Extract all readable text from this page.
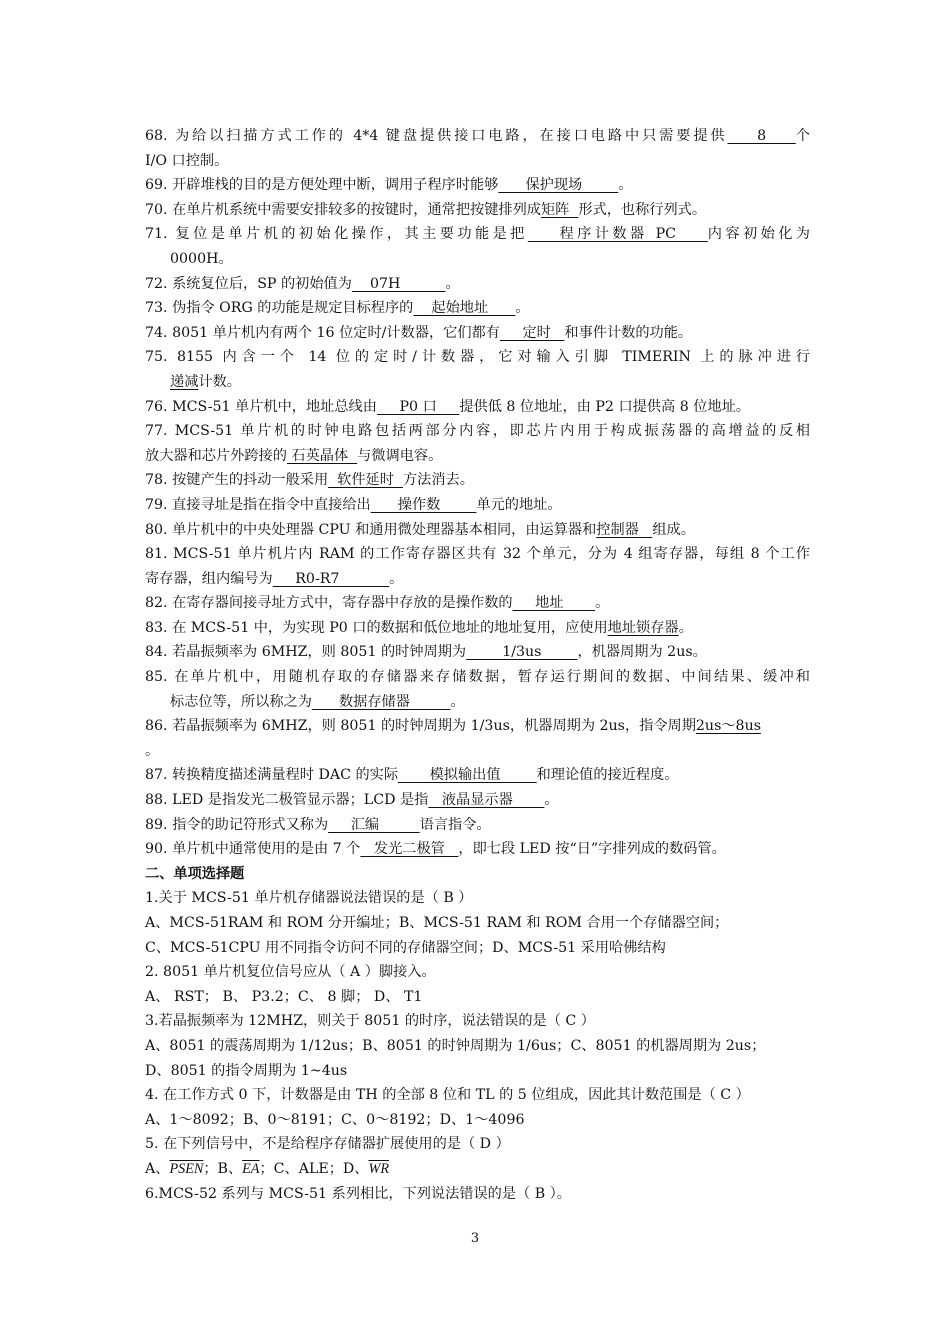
68. 为给以扫描方式工作的 4*4 键盘提供接口电路，在接口电路中只需要提供    8    个
I/O 口控制。
69. 开辟堆栈的目的是方便处理中断，调用子程序时能够      保护现场        。
70. 在单片机系统中需要安排较多的按键时，通常把按键排列成矩阵  形式，也称行列式。
71. 复位是单片机的初始化操作，其主要功能是把    程序计数器 PC    内容初始化为
0000H。
72. 系统复位后，SP 的初始值为    07H          。
73. 伪指令 ORG 的功能是规定目标程序的    起始地址      。
74. 8051 单片机内有两个 16 位定时/计数器，它们都有     定时   和事件计数的功能。
75. 8155 内含一个 14 位的定时/计数器，它对输入引脚 TIMERIN 上的脉冲进行
递减计数。
76. MCS-51 单片机中，地址总线由     P0 口     提供低 8 位地址，由 P2 口提供高 8 位地址。
77. MCS-51 单片机的时钟电路包括两部分内容，即芯片内用于构成振荡器的高增益的反相
放大器和芯片外跨接的 石英晶体  与微调电容。
78. 按键产生的抖动一般采用  软件延时  方法消去。
79. 直接寻址是指在指令中直接给出      操作数        单元的地址。
80. 单片机中的中央处理器 CPU 和通用微处理器基本相同，由运算器和控制器   组成。
81. MCS-51 单片机片内 RAM 的工作寄存器区共有 32 个单元，分为 4 组寄存器，每组 8 个工作
寄存器，组内编号为     R0-R7           。
82. 在寄存器间接寻址方式中，寄存器中存放的是操作数的     地址       。
83. 在 MCS-51 中，为实现 P0 口的数据和低位地址的地址复用，应使用地址锁存器。
84. 若晶振频率为 6MHZ，则 8051 的时钟周期为        1/3us        ，机器周期为 2us。
85. 在单片机中，用随机存取的存储器来存储数据，暂存运行期间的数据、中间结果、缓冲和
标志位等，所以称之为      数据存储器         。
86. 若晶振频率为 6MHZ，则 8051 的时钟周期为 1/3us，机器周期为 2us，指令周期2us～8us
。
87. 转换精度描述满量程时 DAC 的实际       模拟输出值        和理论值的接近程度。
88. LED 是指发光二极管显示器；LCD 是指   液晶显示器       。
89. 指令的助记符形式又称为     汇编         语言指令。
90. 单片机中通常使用的是由 7 个   发光二极管   ，即七段 LED 按“日”字排列成的数码管。
二、单项选择题
1.关于 MCS-51 单片机存储器说法错误的是（ B ）
A、MCS-51RAM 和 ROM 分开编址；B、MCS-51 RAM 和 ROM 合用一个存储器空间；
C、MCS-51CPU 用不同指令访问不同的存储器空间；D、MCS-51 采用哈佛结构
2. 8051 单片机复位信号应从（ A ）脚接入。
A、 RST； B、 P3.2；C、 8 脚； D、 T1
3.若晶振频率为 12MHZ，则关于 8051 的时序，说法错误的是（ C ）
A、8051 的震荡周期为 1/12us；B、8051 的时钟周期为 1/6us；C、8051 的机器周期为 2us；
D、8051 的指令周期为 1~4us
4. 在工作方式 0 下，计数器是由 TH 的全部 8 位和 TL 的 5 位组成，因此其计数范围是（ C ）
A、1～8092；B、0～8191；C、0～8192；D、1～4096
5. 在下列信号中，不是给程序存储器扩展使用的是（ D ）
A、PSEN；B、$\overline{EA}$；C、ALE；D、$\overline{WR}$
6.MCS-52 系列与 MCS-51 系列相比，下列说法错误的是（ B ）。
3
